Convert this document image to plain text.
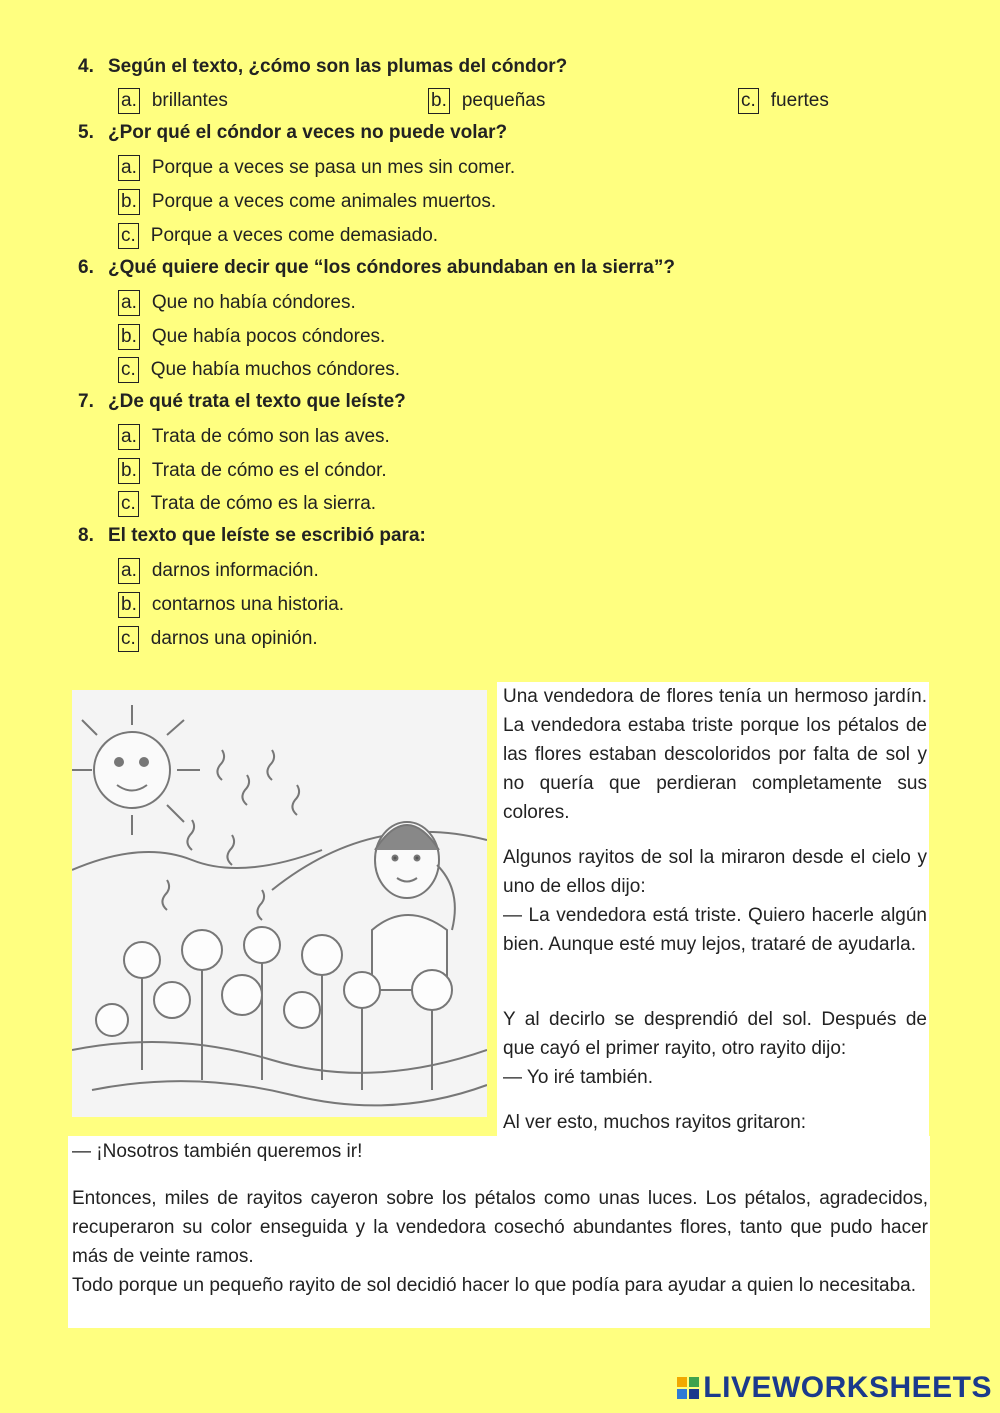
4. Según el texto, ¿cómo son las plumas del cóndor?
a. brillantes	b. pequeñas	c. fuertes
5. ¿Por qué el cóndor a veces no puede volar?
a. Porque a veces se pasa un mes sin comer.
b. Porque a veces come animales muertos.
c. Porque a veces come demasiado.
6. ¿Qué quiere decir que “los cóndores abundaban en la sierra”?
a. Que no había cóndores.
b. Que había pocos cóndores.
c. Que había muchos cóndores.
7. ¿De qué trata el texto que leíste?
a. Trata de cómo son las aves.
b. Trata de cómo es el cóndor.
c. Trata de cómo es la sierra.
8. El texto que leíste se escribió para:
a. darnos información.
b. contarnos una historia.
c. darnos una opinión.
Una vendedora de flores tenía un hermoso jardín. La vendedora estaba triste porque los pétalos de las flores estaban descoloridos por falta de sol y no quería que perdieran completamente sus colores.
Algunos rayitos de sol la miraron desde el cielo y uno de ellos dijo:
— La vendedora está triste. Quiero hacerle algún bien. Aunque esté muy lejos, trataré de ayudarla.
Y al decirlo se desprendió del sol. Después de que cayó el primer rayito, otro rayito dijo:
— Yo iré también.
Al ver esto, muchos rayitos gritaron:
— ¡Nosotros también queremos ir!
Entonces, miles de rayitos cayeron sobre los pétalos como unas luces. Los pétalos, agradecidos, recuperaron su color enseguida y la vendedora cosechó abundantes flores, tanto que pudo hacer más de veinte ramos.
Todo porque un pequeño rayito de sol decidió hacer lo que podía para ayudar a quien lo necesitaba.
LIVEWORKSHEETS
